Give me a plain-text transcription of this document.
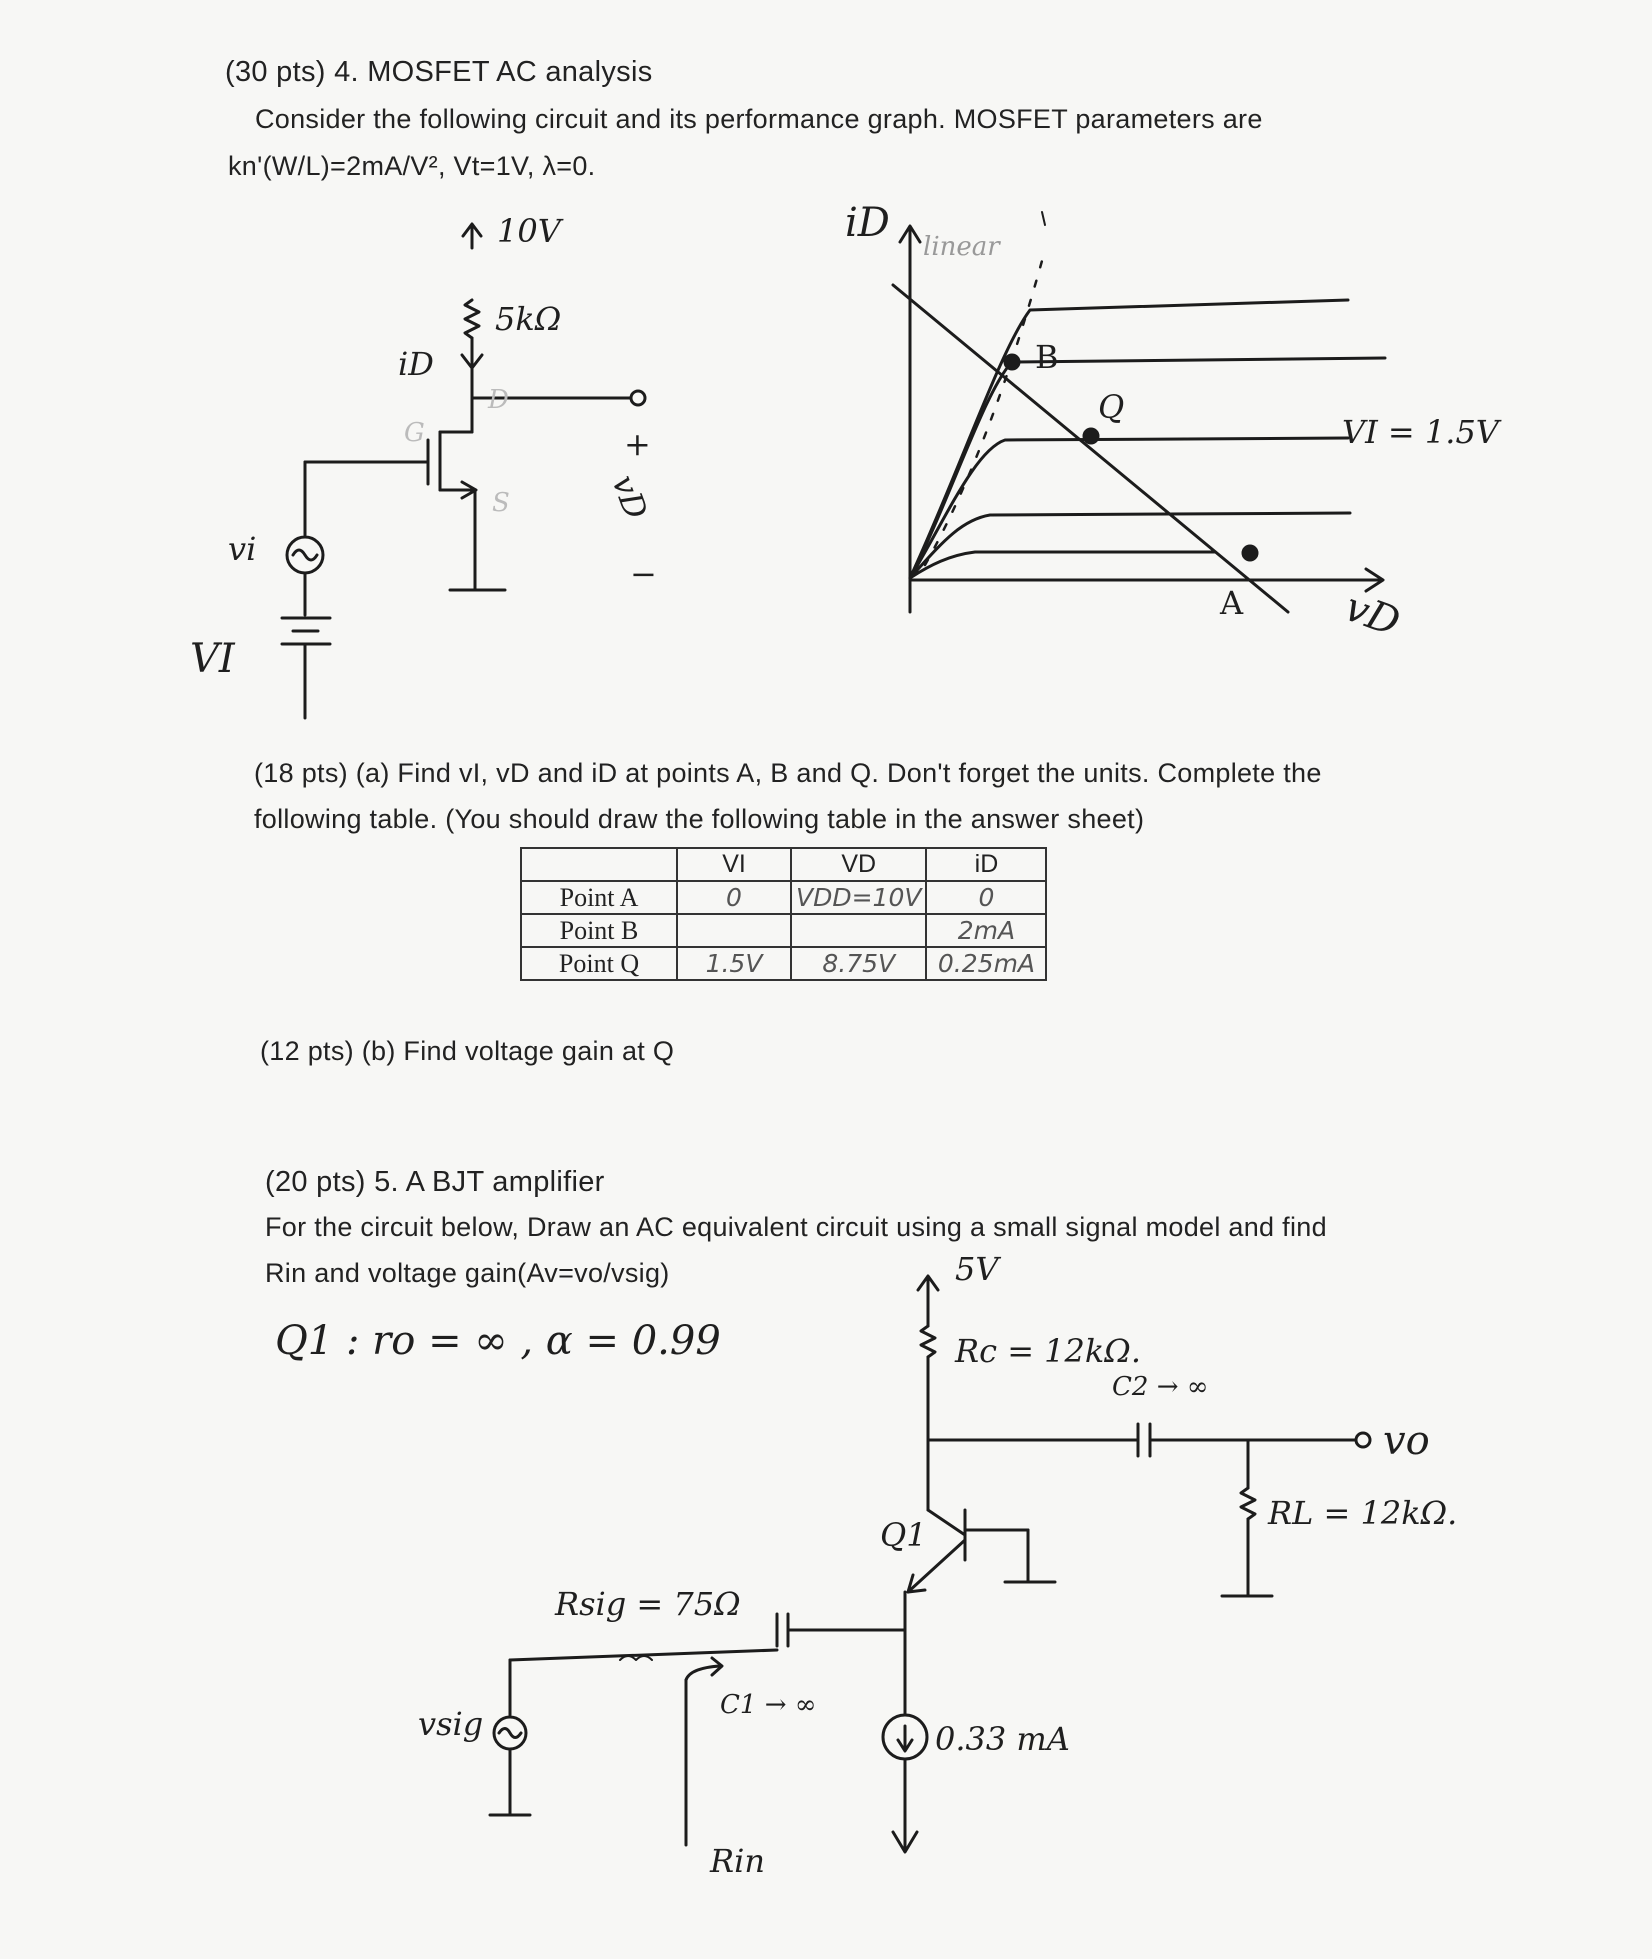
(30 pts) 4. MOSFET AC analysis
Consider the following circuit and its performance graph. MOSFET parameters are
kn'(W/L)=2mA/V², Vt=1V, λ=0.
10V
5kΩ
iD
G
D
S
+
vD
−
vi
VI
iD
linear
B
Q
VI = 1.5V
A vD
(18 pts) (a) Find vI, vD and iD at points A, B and Q. Don't forget the units. Complete the
following table. (You should draw the following table in the answer sheet)
	VI	VD	iD
Point A	0	VDD=10V	0
Point B			2mA
Point Q	1.5V	8.75V	0.25mA
(12 pts) (b) Find voltage gain at Q
(20 pts) 5. A BJT amplifier
For the circuit below, Draw an AC equivalent circuit using a small signal model and find
Rin and voltage gain(Av=vo/vsig)
Q1 : ro = ∞ , α = 0.99
5V
Rc = 12kΩ.
C2 → ∞
vo
RL = 12kΩ.
Q1
Rsig = 75Ω
C1 → ∞
vsig	0.33 mA
Rin
